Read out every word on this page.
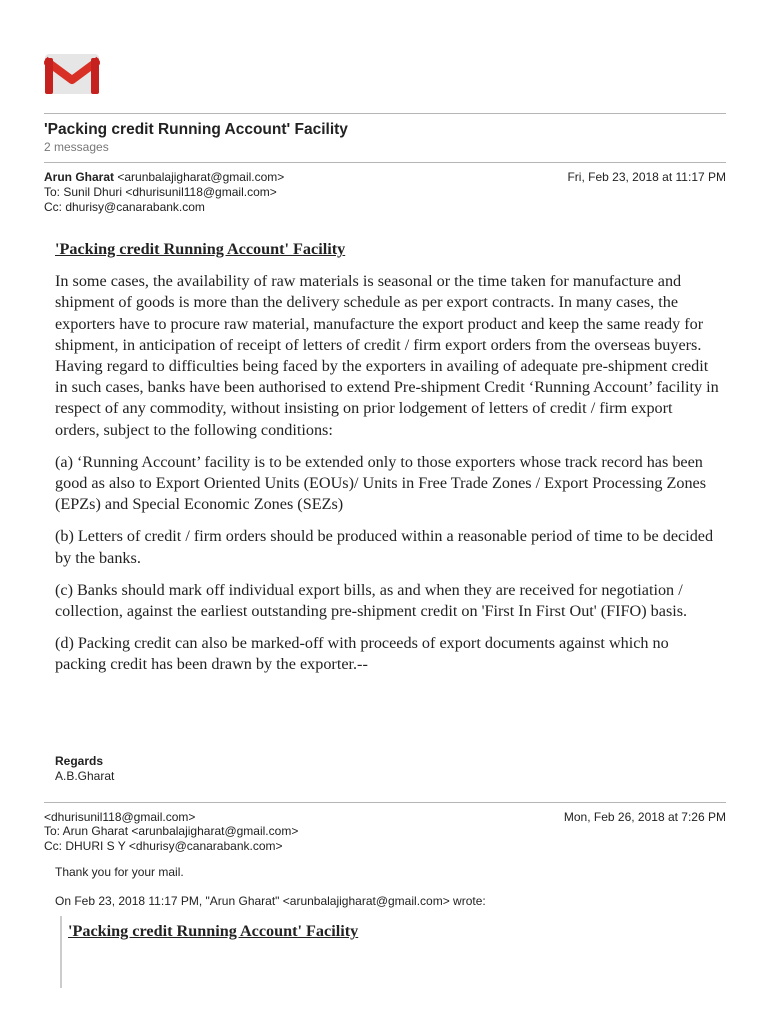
'Packing credit Running Account' Facility
2 messages
Arun Gharat <arunbalajigharat@gmail.com>	Fri, Feb 23, 2018 at 11:17 PM
To: Sunil Dhuri <dhurisunil118@gmail.com>
Cc: dhurisy@canarabank.com

'Packing credit Running Account' Facility

In some cases, the availability of raw materials is seasonal or the time taken for manufacture and shipment of goods is more than the delivery schedule as per export contracts. In many cases, the exporters have to procure raw material, manufacture the export product and keep the same ready for shipment, in anticipation of receipt of letters of credit / firm export orders from the overseas buyers. Having regard to difficulties being faced by the exporters in availing of adequate pre-shipment credit in such cases, banks have been authorised to extend Pre-shipment Credit ‘Running Account’ facility in respect of any commodity, without insisting on prior lodgement of letters of credit / firm export orders, subject to the following conditions:

(a) ‘Running Account’ facility is to be extended only to those exporters whose track record has been good as also to Export Oriented Units (EOUs)/ Units in Free Trade Zones / Export Processing Zones (EPZs) and Special Economic Zones (SEZs)

(b) Letters of credit / firm orders should be produced within a reasonable period of time to be decided by the banks.

(c) Banks should mark off individual export bills, as and when they are received for negotiation / collection, against the earliest outstanding pre-shipment credit on 'First In First Out' (FIFO) basis.

(d) Packing credit can also be marked-off with proceeds of export documents against which no packing credit has been drawn by the exporter.--

Regards
A.B.Gharat
<dhurisunil118@gmail.com>	Mon, Feb 26, 2018 at 7:26 PM
To: Arun Gharat <arunbalajigharat@gmail.com>
Cc: DHURI S Y <dhurisy@canarabank.com>
Thank you for your mail.
On Feb 23, 2018 11:17 PM, "Arun Gharat" <arunbalajigharat@gmail.com> wrote:
'Packing credit Running Account' Facility
